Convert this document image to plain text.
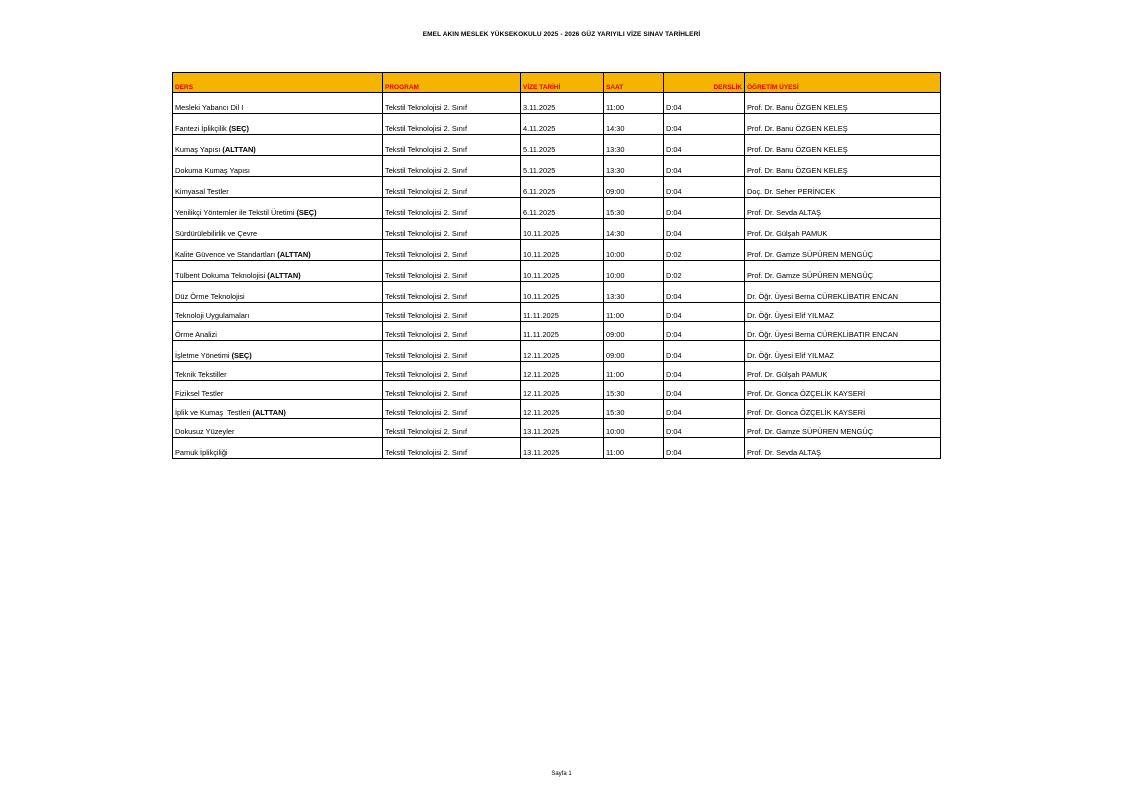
EMEL AKIN MESLEK YÜKSEKOKULU 2025 - 2026 GÜZ YARIYILI VİZE SINAV TARİHLERİ
DERS	PROGRAM	VİZE TARİHİ	SAAT	DERSLİK	ÖĞRETİM ÜYESİ
Mesleki Yabancı Dil I	Tekstil Teknolojisi 2. Sınıf	3.11.2025	11:00	D:04	Prof. Dr. Banu ÖZGEN KELEŞ
Fantezi İplikçilik (SEÇ)	Tekstil Teknolojisi 2. Sınıf	4.11.2025	14:30	D:04	Prof. Dr. Banu ÖZGEN KELEŞ
Kumaş Yapısı (ALTTAN)	Tekstil Teknolojisi 2. Sınıf	5.11.2025	13:30	D:04	Prof. Dr. Banu ÖZGEN KELEŞ
Dokuma Kumaş Yapısı	Tekstil Teknolojisi 2. Sınıf	5.11.2025	13:30	D:04	Prof. Dr. Banu ÖZGEN KELEŞ
Kimyasal Testler	Tekstil Teknolojisi 2. Sınıf	6.11.2025	09:00	D:04	Doç. Dr. Seher PERİNCEK
Yenilikçi Yöntemler ile Tekstil Üretimi (SEÇ)	Tekstil Teknolojisi 2. Sınıf	6.11.2025	15:30	D:04	Prof. Dr. Sevda ALTAŞ
Sürdürülebilirlik ve Çevre	Tekstil Teknolojisi 2. Sınıf	10.11.2025	14:30	D:04	Prof. Dr. Gülşah PAMUK
Kalite Güvence ve Standartları (ALTTAN)	Tekstil Teknolojisi 2. Sınıf	10.11.2025	10:00	D:02	Prof. Dr. Gamze SÜPÜREN MENGÜÇ
Tülbent Dokuma Teknolojisi (ALTTAN)	Tekstil Teknolojisi 2. Sınıf	10.11.2025	10:00	D:02	Prof. Dr. Gamze SÜPÜREN MENGÜÇ
Düz Örme Teknolojisi	Tekstil Teknolojisi 2. Sınıf	10.11.2025	13:30	D:04	Dr. Öğr. Üyesi Berna CÜREKLİBATIR ENCAN
Teknoloji Uygulamaları	Tekstil Teknolojisi 2. Sınıf	11.11.2025	11:00	D:04	Dr. Öğr. Üyesi Elif YILMAZ
Örme Analizi	Tekstil Teknolojisi 2. Sınıf	11.11.2025	09:00	D:04	Dr. Öğr. Üyesi Berna CÜREKLİBATIR ENCAN
İşletme Yönetimi (SEÇ)	Tekstil Teknolojisi 2. Sınıf	12.11.2025	09:00	D:04	Dr. Öğr. Üyesi Elif YILMAZ
Teknik Tekstiller	Tekstil Teknolojisi 2. Sınıf	12.11.2025	11:00	D:04	Prof. Dr. Gülşah PAMUK
Fiziksel Testler	Tekstil Teknolojisi 2. Sınıf	12.11.2025	15:30	D:04	Prof. Dr. Gonca ÖZÇELİK KAYSERİ
İplik ve Kumaş  Testleri (ALTTAN)	Tekstil Teknolojisi 2. Sınıf	12.11.2025	15:30	D:04	Prof. Dr. Gonca ÖZÇELİK KAYSERİ
Dokusuz Yüzeyler	Tekstil Teknolojisi 2. Sınıf	13.11.2025	10:00	D:04	Prof. Dr. Gamze SÜPÜREN MENGÜÇ
Pamuk İplikçiliği	Tekstil Teknolojisi 2. Sınıf	13.11.2025	11:00	D:04	Prof. Dr. Sevda ALTAŞ
Sayfa 1
